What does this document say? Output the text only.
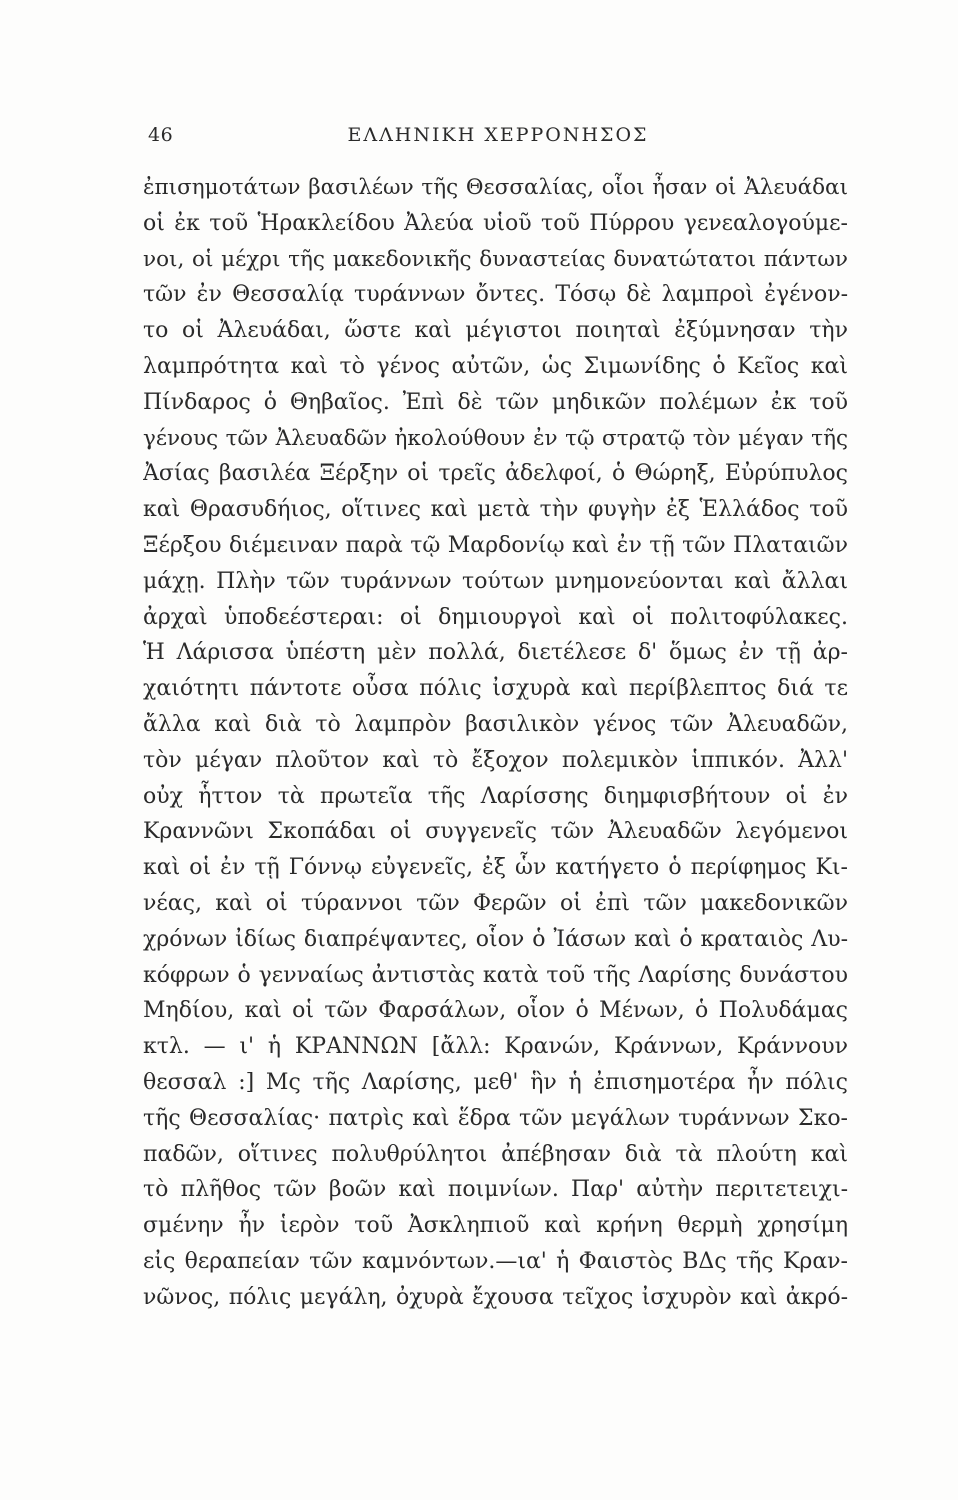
46	ΕΛΛΗΝΙΚΗ ΧΕΡΡΟΝΗΣΟΣ
ἐπισημοτάτων βασιλέων τῆς Θεσσαλίας, οἷοι ἦσαν οἱ Ἀλευάδαι
οἱ ἐκ τοῦ Ἡρακλείδου Ἀλεύα υἱοῦ τοῦ Πύρρου γενεαλογούμε-
νοι, οἱ μέχρι τῆς μακεδονικῆς δυναστείας δυνατώτατοι πάντων
τῶν ἐν Θεσσαλίᾳ τυράννων ὄντες. Τόσῳ δὲ λαμπροὶ ἐγένον-
το οἱ Ἀλευάδαι, ὥστε καὶ μέγιστοι ποιηταὶ ἐξύμνησαν τὴν
λαμπρότητα καὶ τὸ γένος αὐτῶν, ὡς Σιμωνίδης ὁ Κεῖος καὶ
Πίνδαρος ὁ Θηβαῖος. Ἐπὶ δὲ τῶν μηδικῶν πολέμων ἐκ τοῦ
γένους τῶν Ἀλευαδῶν ἠκολούθουν ἐν τῷ στρατῷ τὸν μέγαν τῆς
Ἀσίας βασιλέα Ξέρξην οἱ τρεῖς ἀδελφοί, ὁ Θώρηξ, Εὐρύπυλος
καὶ Θρασυδήιος, οἵτινες καὶ μετὰ τὴν φυγὴν ἐξ Ἑλλάδος τοῦ
Ξέρξου διέμειναν παρὰ τῷ Μαρδονίῳ καὶ ἐν τῇ τῶν Πλαταιῶν
μάχῃ. Πλὴν τῶν τυράννων τούτων μνημονεύονται καὶ ἄλλαι
ἀρχαὶ ὑποδεέστεραι: οἱ δημιουργοὶ καὶ οἱ πολιτοφύλακες.
Ἡ Λάρισσα ὑπέστη μὲν πολλά, διετέλεσε δ' ὅμως ἐν τῇ ἀρ-
χαιότητι πάντοτε οὖσα πόλις ἰσχυρὰ καὶ περίβλεπτος διά τε
ἄλλα καὶ διὰ τὸ λαμπρὸν βασιλικὸν γένος τῶν Ἀλευαδῶν,
τὸν μέγαν πλοῦτον καὶ τὸ ἔξοχον πολεμικὸν ἱππικόν. Ἀλλ'
οὐχ ἧττον τὰ πρωτεῖα τῆς Λαρίσσης διημφισβήτουν οἱ ἐν
Κραννῶνι Σκοπάδαι οἱ συγγενεῖς τῶν Ἀλευαδῶν λεγόμενοι
καὶ οἱ ἐν τῇ Γόννῳ εὐγενεῖς, ἐξ ὧν κατήγετο ὁ περίφημος Κι-
νέας, καὶ οἱ τύραννοι τῶν Φερῶν οἱ ἐπὶ τῶν μακεδονικῶν
χρόνων ἰδίως διαπρέψαντες, οἷον ὁ Ἰάσων καὶ ὁ κραταιὸς Λυ-
κόφρων ὁ γενναίως ἀντιστὰς κατὰ τοῦ τῆς Λαρίσης δυνάστου
Μηδίου, καὶ οἱ τῶν Φαρσάλων, οἷον ὁ Μένων, ὁ Πολυδάμας
κτλ. — ι' ἡ ΚΡΑΝΝΩΝ [ἄλλ: Κρανών, Κράννων, Κράννουν
θεσσαλ :] Μς τῆς Λαρίσης, μεθ' ἣν ἡ ἐπισημοτέρα ἦν πόλις
τῆς Θεσσαλίας· πατρὶς καὶ ἕδρα τῶν μεγάλων τυράννων Σκο-
παδῶν, οἵτινες πολυθρύλητοι ἀπέβησαν διὰ τὰ πλούτη καὶ
τὸ πλῆθος τῶν βοῶν καὶ ποιμνίων. Παρ' αὐτὴν περιτετειχι-
σμένην ἦν ἱερὸν τοῦ Ἀσκληπιοῦ καὶ κρήνη θερμὴ χρησίμη
εἰς θεραπείαν τῶν καμνόντων.—ια' ἡ Φαιστὸς ΒΔς τῆς Κραν-
νῶνος, πόλις μεγάλη, ὀχυρὰ ἔχουσα τεῖχος ἰσχυρὸν καὶ ἀκρό-
